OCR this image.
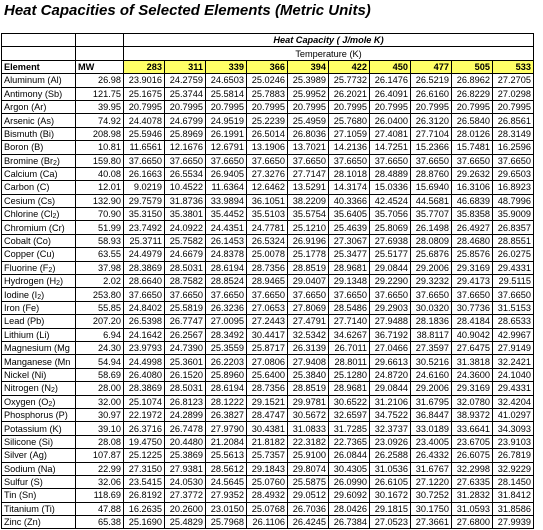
Heat Capacities of Selected Elements (Metric Units)
		Heat Capacity ( J/mole K)									
		Temperature (K)									
Element	MW	283	311	339	366	394	422	450	477	505	533
Aluminum (Al)	26.98	23.9016	24.2759	24.6503	25.0246	25.3989	25.7732	26.1476	26.5219	26.8962	27.2705
Antimony (Sb)	121.75	25.1675	25.3744	25.5814	25.7883	25.9952	26.2021	26.4091	26.6160	26.8229	27.0298
Argon (Ar)	39.95	20.7995	20.7995	20.7995	20.7995	20.7995	20.7995	20.7995	20.7995	20.7995	20.7995
Arsenic (As)	74.92	24.4078	24.6799	24.9519	25.2239	25.4959	25.7680	26.0400	26.3120	26.5840	26.8561
Bismuth (Bi)	208.98	25.5946	25.8969	26.1991	26.5014	26.8036	27.1059	27.4081	27.7104	28.0126	28.3149
Boron (B)	10.81	11.6561	12.1676	12.6791	13.1906	13.7021	14.2136	14.7251	15.2366	15.7481	16.2596
Bromine $(Br_2)$	159.80	37.6650	37.6650	37.6650	37.6650	37.6650	37.6650	37.6650	37.6650	37.6650	37.6650
Calcium (Ca)	40.08	26.1663	26.5534	26.9405	27.3276	27.7147	28.1018	28.4889	28.8760	29.2632	29.6503
Carbon (C)	12.01	9.0219	10.4522	11.6364	12.6462	13.5291	14.3174	15.0336	15.6940	16.3106	16.8923
Cesium (Cs)	132.90	29.7579	31.8736	33.9894	36.1051	38.2209	40.3366	42.4524	44.5681	46.6839	48.7996
Chlorine $(Cl_2)$	70.90	35.3150	35.3801	35.4452	35.5103	35.5754	35.6405	35.7056	35.7707	35.8358	35.9009
Chromium (Cr)	51.99	23.7492	24.0922	24.4351	24.7781	25.1210	25.4639	25.8069	26.1498	26.4927	26.8357
Cobalt (Co)	58.93	25.3711	25.7582	26.1453	26.5324	26.9196	27.3067	27.6938	28.0809	28.4680	28.8551
Copper (Cu)	63.55	24.4979	24.6679	24.8378	25.0078	25.1778	25.3477	25.5177	25.6876	25.8576	26.0275
Fluorine $(F_2)$	37.98	28.3869	28.5031	28.6194	28.7356	28.8519	28.9681	29.0844	29.2006	29.3169	29.4331
Hydrogen $(H_2)$	2.02	28.6640	28.7582	28.8524	28.9465	29.0407	29.1348	29.2290	29.3232	29.4173	29.5115
Iodine $(I_2)$	253.80	37.6650	37.6650	37.6650	37.6650	37.6650	37.6650	37.6650	37.6650	37.6650	37.6650
Iron (Fe)	55.85	24.8402	25.5819	26.3236	27.0653	27.8069	28.5486	29.2903	30.0320	30.7736	31.5153
Lead (Pb)	207.20	26.5398	26.7747	27.0095	27.2443	27.4791	27.7140	27.9488	28.1836	28.4184	28.6533
Lithium (Li)	6.94	24.1642	26.2567	28.3492	30.4417	32.5342	34.6267	36.7192	38.8117	40.9042	42.9967
Magnesium (Mg	24.30	23.9793	24.7390	25.3559	25.8717	26.3139	26.7011	27.0466	27.3597	27.6475	27.9149
Manganese (Mn	54.94	24.4998	25.3601	26.2203	27.0806	27.9408	28.8011	29.6613	30.5216	31.3818	32.2421
Nickel (Ni)	58.69	26.4080	26.1520	25.8960	25.6400	25.3840	25.1280	24.8720	24.6160	24.3600	24.1040
Nitrogen $(N_2)$	28.00	28.3869	28.5031	28.6194	28.7356	28.8519	28.9681	29.0844	29.2006	29.3169	29.4331
Oxygen $(O_2)$	32.00	25.1074	26.8123	28.1222	29.1521	29.9781	30.6522	31.2106	31.6795	32.0780	32.4204
Phosphorus (P)	30.97	22.1972	24.2899	26.3827	28.4747	30.5672	32.6597	34.7522	36.8447	38.9372	41.0297
Potassium (K)	39.10	26.3716	26.7478	27.9790	30.4381	31.0833	31.7285	32.3737	33.0189	33.6641	34.3093
Silicone (Si)	28.08	19.4750	20.4480	21.2084	21.8182	22.3182	22.7365	23.0926	23.4005	23.6705	23.9103
Silver (Ag)	107.87	25.1225	25.3869	25.5613	25.7357	25.9100	26.0844	26.2588	26.4332	26.6075	26.7819
Sodium (Na)	22.99	27.3150	27.9381	28.5612	29.1843	29.8074	30.4305	31.0536	31.6767	32.2998	32.9229
Sulfur (S)	32.06	23.5415	24.0530	24.5645	25.0760	25.5875	26.0990	26.6105	27.1220	27.6335	28.1450
Tin (Sn)	118.69	26.8192	27.3772	27.9352	28.4932	29.0512	29.6092	30.1672	30.7252	31.2832	31.8412
Titanium (Ti)	47.88	16.2635	20.2600	23.0150	25.0768	26.7036	28.0426	29.1815	30.1750	31.0593	31.8586
Zinc (Zn)	65.38	25.1690	25.4829	25.7968	26.1106	26.4245	26.7384	27.0523	27.3661	27.6800	27.9939
